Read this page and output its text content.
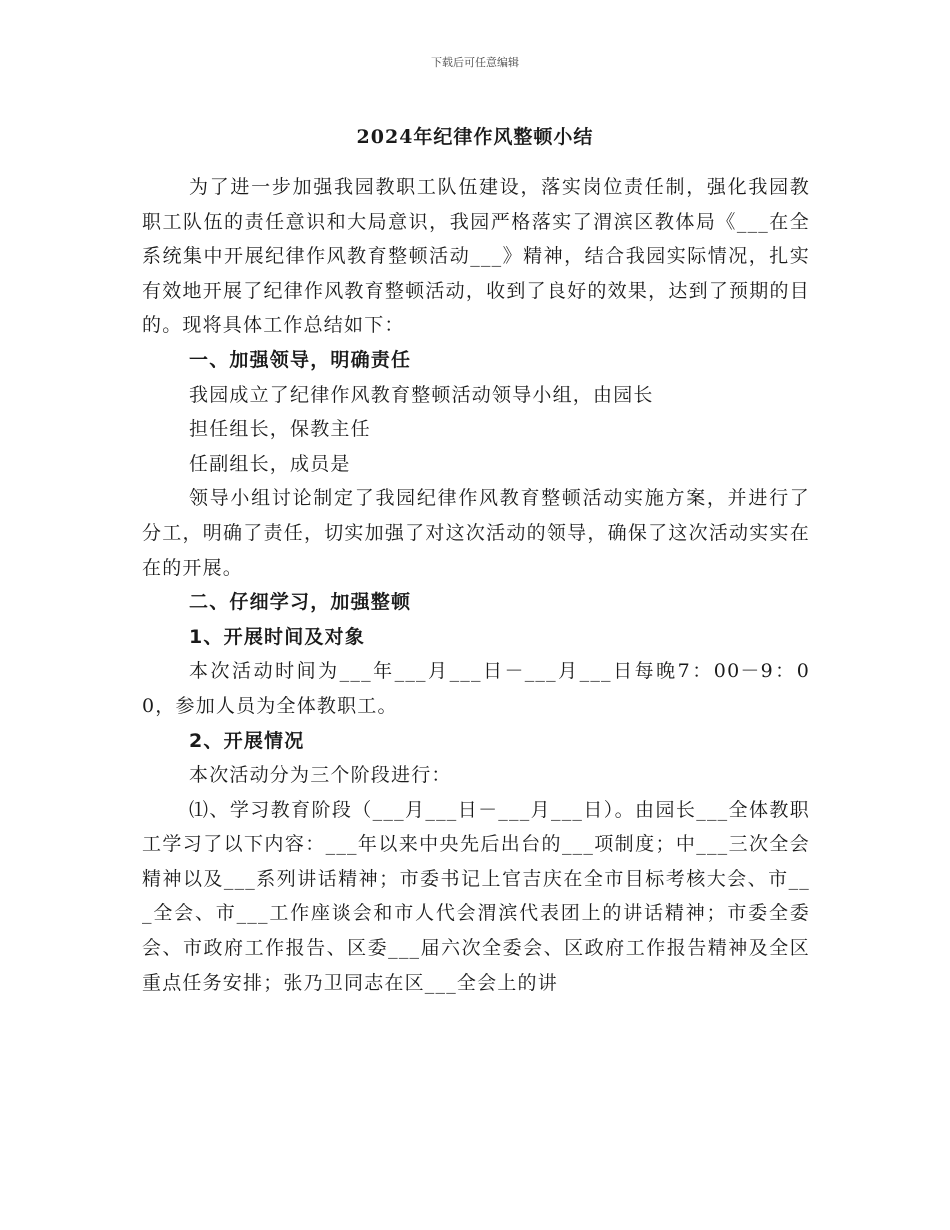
下载后可任意编辑
2024年纪律作风整顿小结

为了进一步加强我园教职工队伍建设，落实岗位责任制，强化我园教职工队伍的责任意识和大局意识，我园严格落实了渭滨区教体局《___在全系统集中开展纪律作风教育整顿活动___》精神，结合我园实际情况，扎实有效地开展了纪律作风教育整顿活动，收到了良好的效果，达到了预期的目的。现将具体工作总结如下：

一、加强领导，明确责任

我园成立了纪律作风教育整顿活动领导小组，由园长

担任组长，保教主任

任副组长，成员是

领导小组讨论制定了我园纪律作风教育整顿活动实施方案，并进行了分工，明确了责任，切实加强了对这次活动的领导，确保了这次活动实实在在的开展。

二、仔细学习，加强整顿

1、开展时间及对象

本次活动时间为___年___月___日－___月___日每晚7：00－9：00，参加人员为全体教职工。

2、开展情况

本次活动分为三个阶段进行：

⑴、学习教育阶段（___月___日－___月___日）。由园长___全体教职工学习了以下内容：___年以来中央先后出台的___项制度；中___三次全会精神以及___系列讲话精神；市委书记上官吉庆在全市目标考核大会、市___全会、市___工作座谈会和市人代会渭滨代表团上的讲话精神；市委全委会、市政府工作报告、区委___届六次全委会、区政府工作报告精神及全区重点任务安排；张乃卫同志在区___全会上的讲
